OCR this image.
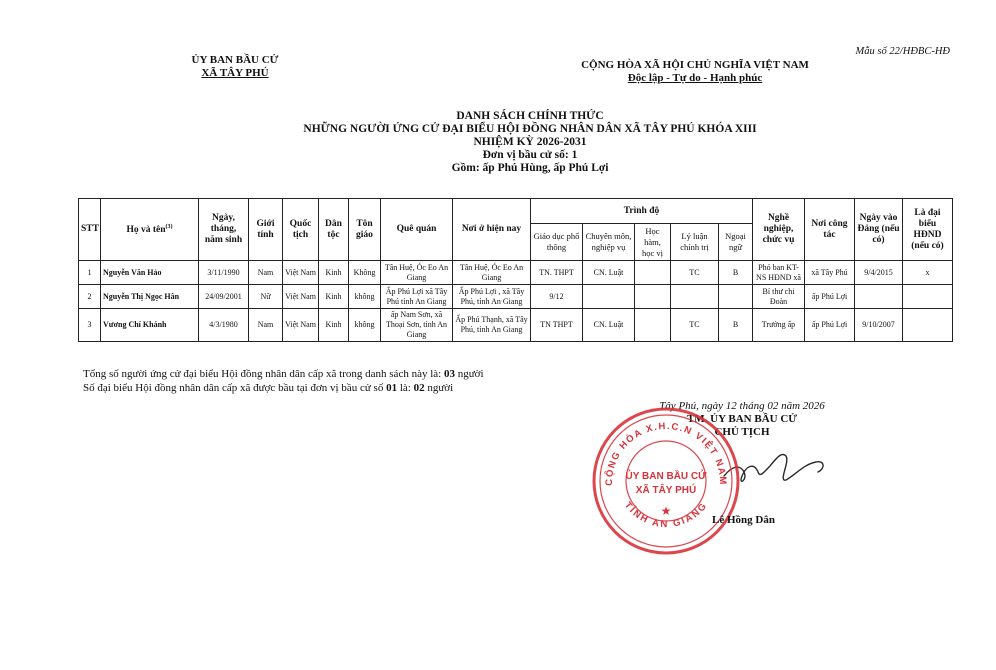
Mẫu số 22/HĐBC-HĐ
ỦY BAN BẦU CỬ
XÃ TÂY PHÚ
CỘNG HÒA XÃ HỘI CHỦ NGHĨA VIỆT NAM
Độc lập - Tự do - Hạnh phúc
DANH SÁCH CHÍNH THỨC
NHỮNG NGƯỜI ỨNG CỬ ĐẠI BIỂU HỘI ĐỒNG NHÂN DÂN XÃ TÂY PHÚ KHÓA XIII
NHIỆM KỲ 2026-2031
Đơn vị bầu cử số: 1
Gồm: ấp Phú Hùng, ấp Phú Lợi
STT	Họ và tên$^{(3)}$	Ngày, tháng, năm sinh	Giới tính	Quốc tịch	Dân tộc	Tôn giáo	Quê quán	Nơi ở hiện nay	Trình độ					Nghề nghiệp, chức vụ	Nơi công tác	Ngày vào Đảng (nếu có)	Là đại biểu HĐND (nếu có)
									Giáo dục phổ thông	Chuyên môn, nghiệp vụ	Học hàm, học vị	Lý luận chính trị	Ngoại ngữ				
1	Nguyễn Văn Hảo	3/11/1990	Nam	Việt Nam	Kinh	Không	Tân Huệ, Óc Eo An Giang	Tân Huệ, Óc Eo An Giang	TN. THPT	CN. Luật		TC	B	Phó ban KT-NS HĐND xã	xã Tây Phú	9/4/2015	x
2	Nguyễn Thị Ngọc Hân	24/09/2001	Nữ	Việt Nam	Kinh	không	Ấp Phú Lợi xã Tây Phú tỉnh An Giang	Ấp Phú Lợi , xã Tây Phú, tỉnh An Giang	9/12					Bí thư chi Đoàn	ấp Phú Lợi		
3	Vương Chí Khánh	4/3/1980	Nam	Việt Nam	Kinh	không	ấp Nam Sơn, xã Thoại Sơn, tỉnh An Giang	Ấp Phú Thạnh, xã Tây Phú, tỉnh An Giang	TN THPT	CN. Luật		TC	B	Trưởng ấp	ấp Phú Lợi	9/10/2007	
Tổng số người ứng cử đại biểu Hội đồng nhân dân cấp xã trong danh sách này là: 03 người
Số đại biểu Hội đồng nhân dân cấp xã được bầu tại đơn vị bầu cử số 01 là: 02 người
Tây Phú, ngày 12 tháng 02 năm 2026
TM. ỦY BAN BẦU CỬ
CHỦ TỊCH
CỘNG HÒA X.H.C.N VIỆT NAM
TỈNH AN GIANG
ỦY BAN BẦU CỬ
XÃ TÂY PHÚ
★
Lê Hồng Dân
